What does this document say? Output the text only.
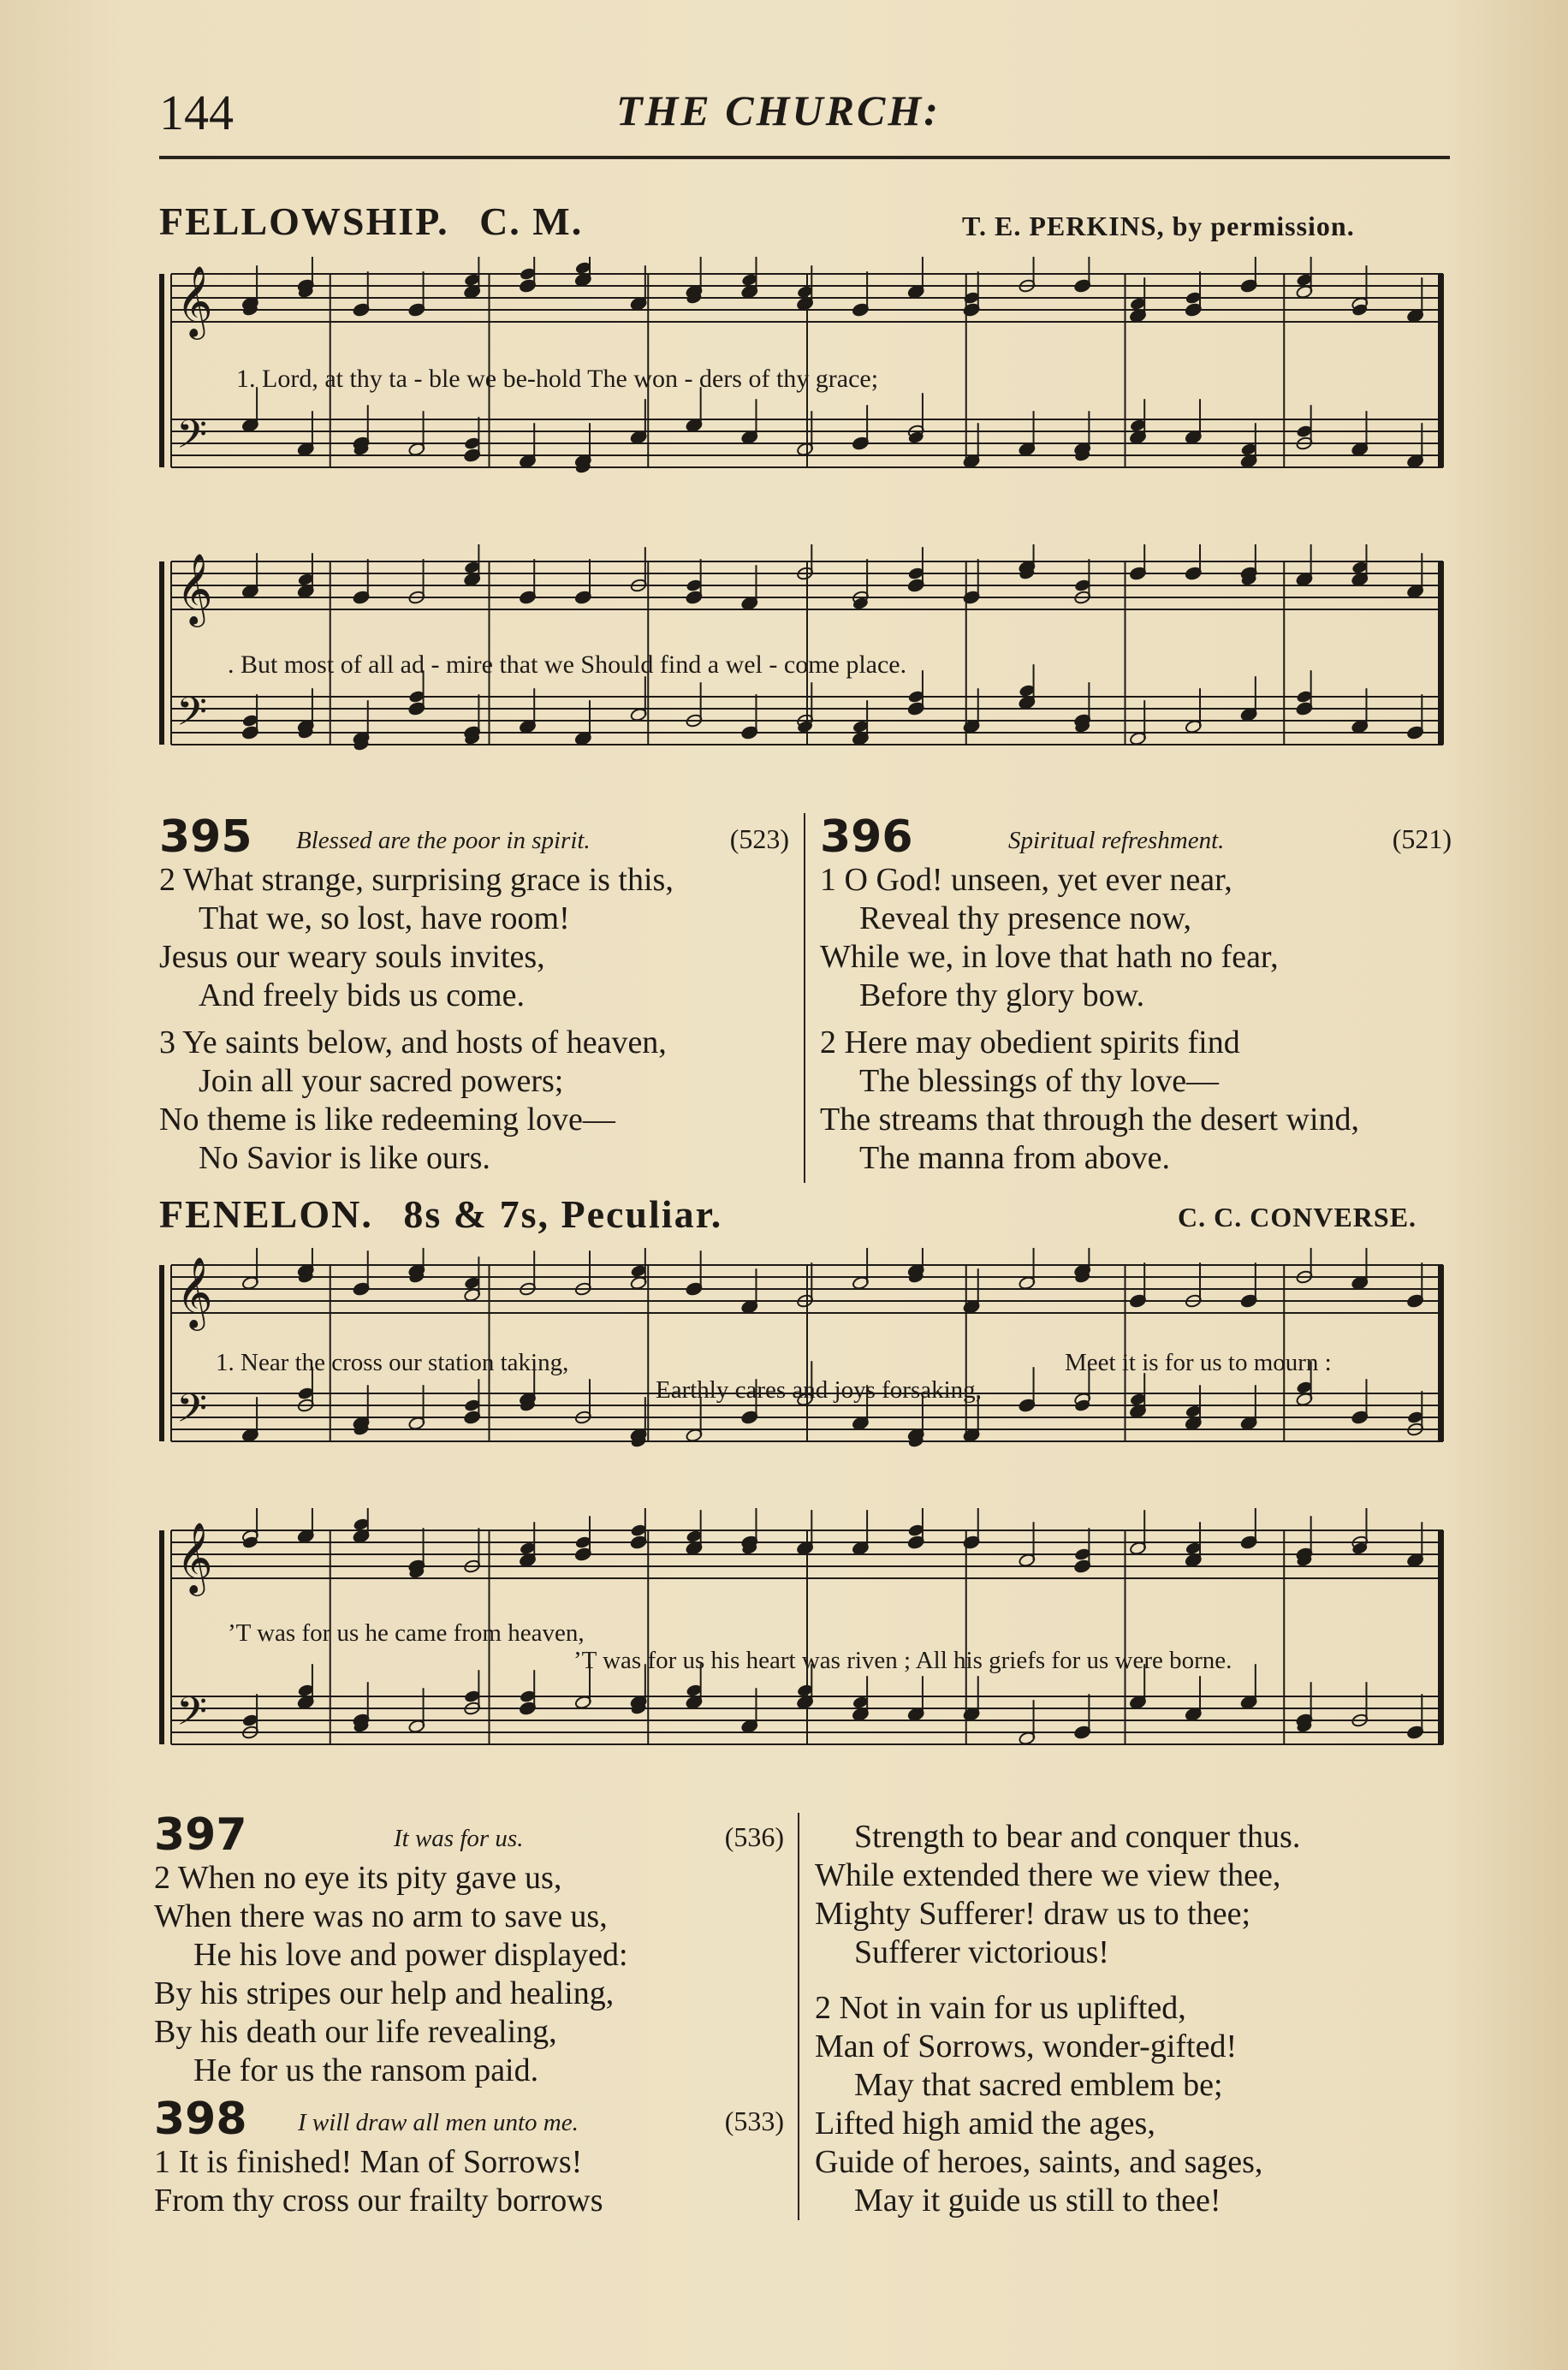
144	THE CHURCH:
FELLOWSHIP. C. M.	T. E. PERKINS, by permission.
𝄞
𝄢
1. Lord, at thy ta - ble we be-hold The won - ders of thy grace;
𝄞
𝄢
. But most of all ad - mire that we Should find a wel - come place.
395 Blessed are the poor in spirit.	(523)
2 What strange, surprising grace is this,
That we, so lost, have room!
Jesus our weary souls invites,
And freely bids us come.
3 Ye saints below, and hosts of heaven,
Join all your sacred powers;
No theme is like redeeming love—
No Savior is like ours.
396	Spiritual refreshment.	(521)
1 O God! unseen, yet ever near,
Reveal thy presence now,
While we, in love that hath no fear,
Before thy glory bow.
2 Here may obedient spirits find
The blessings of thy love—
The streams that through the desert wind,
The manna from above.
FENELON. 8s & 7s, Peculiar.	C. C. CONVERSE.
𝄞
𝄢
1. Near the cross our station taking,
Earthly cares and joys forsaking,
Meet it is for us to mourn :
𝄞
𝄢
’T was for us he came from heaven,
’T was for us his heart was riven ; All his griefs for us were borne.
397	It was for us.	(536)
2 When no eye its pity gave us,
When there was no arm to save us,
He his love and power displayed:
By his stripes our help and healing,
By his death our life revealing,
He for us the ransom paid.
398 I will draw all men unto me.	(533)
1 It is finished! Man of Sorrows!
From thy cross our frailty borrows
Strength to bear and conquer thus.
While extended there we view thee,
Mighty Sufferer! draw us to thee;
Sufferer victorious!
2 Not in vain for us uplifted,
Man of Sorrows, wonder-gifted!
May that sacred emblem be;
Lifted high amid the ages,
Guide of heroes, saints, and sages,
May it guide us still to thee!
